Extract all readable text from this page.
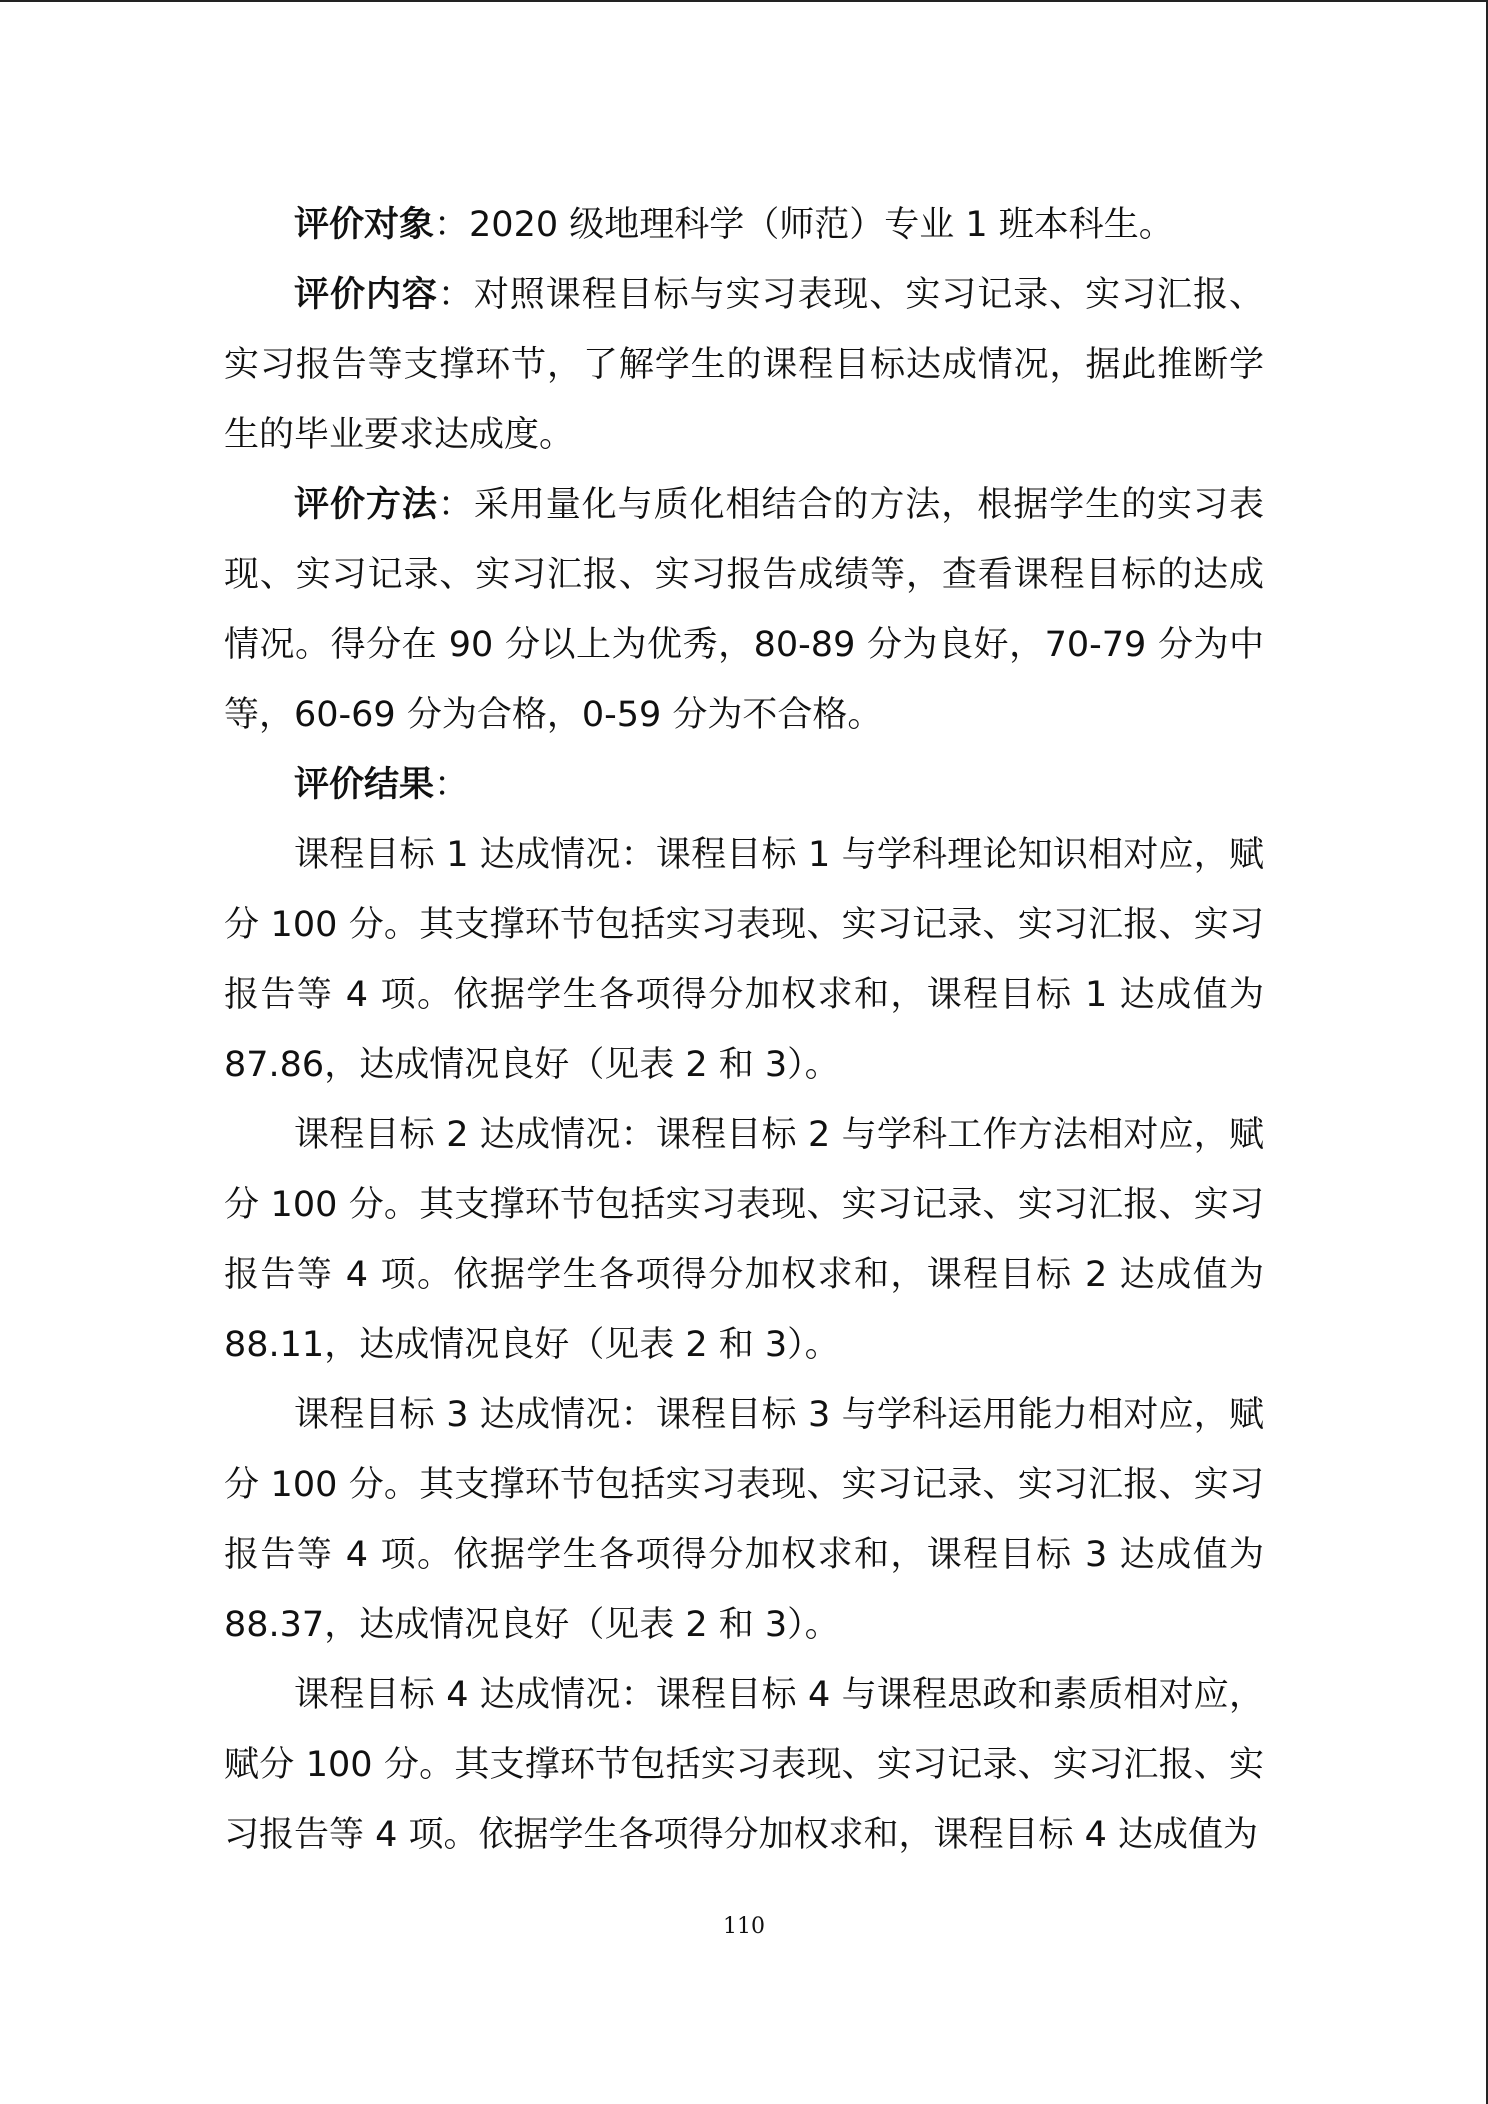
评价对象：2020 级地理科学（师范）专业 1 班本科生。

评价内容：对照课程目标与实习表现、实习记录、实习汇报、实习报告等支撑环节，了解学生的课程目标达成情况，据此推断学生的毕业要求达成度。

评价方法：采用量化与质化相结合的方法，根据学生的实习表现、实习记录、实习汇报、实习报告成绩等，查看课程目标的达成情况。得分在 90 分以上为优秀，80-89 分为良好，70-79 分为中等，60-69 分为合格，0-59 分为不合格。

评价结果：

课程目标 1 达成情况：课程目标 1 与学科理论知识相对应，赋分 100 分。其支撑环节包括实习表现、实习记录、实习汇报、实习报告等 4 项。依据学生各项得分加权求和，课程目标 1 达成值为 87.86，达成情况良好（见表 2 和 3）。

课程目标 2 达成情况：课程目标 2 与学科工作方法相对应，赋分 100 分。其支撑环节包括实习表现、实习记录、实习汇报、实习报告等 4 项。依据学生各项得分加权求和，课程目标 2 达成值为 88.11，达成情况良好（见表 2 和 3）。

课程目标 3 达成情况：课程目标 3 与学科运用能力相对应，赋分 100 分。其支撑环节包括实习表现、实习记录、实习汇报、实习报告等 4 项。依据学生各项得分加权求和，课程目标 3 达成值为 88.37，达成情况良好（见表 2 和 3）。

课程目标 4 达成情况：课程目标 4 与课程思政和素质相对应，赋分 100 分。其支撑环节包括实习表现、实习记录、实习汇报、实习报告等 4 项。依据学生各项得分加权求和，课程目标 4 达成值为

110
